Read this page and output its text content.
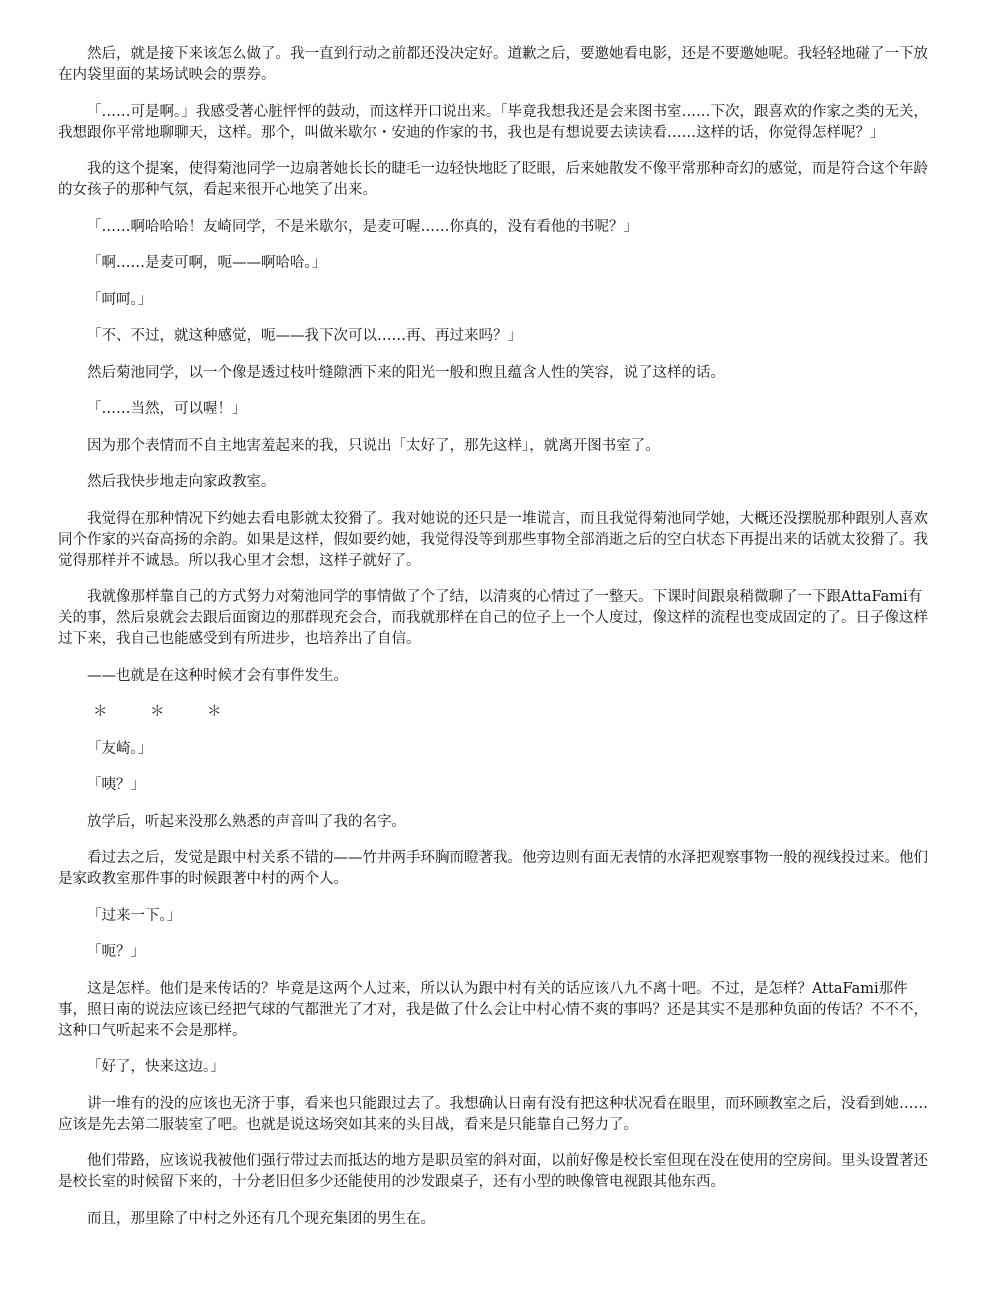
然后，就是接下来该怎么做了。我一直到行动之前都还没决定好。道歉之后，要邀她看电影，还是不要邀她呢。我轻轻地碰了一下放在内袋里面的某场试映会的票券。

「……可是啊。」我感受著心脏怦怦的鼓动，而这样开口说出来。「毕竟我想我还是会来图书室……下次，跟喜欢的作家之类的无关，我想跟你平常地聊聊天，这样。那个，叫做米歇尔・安迪的作家的书，我也是有想说要去读读看……这样的话，你觉得怎样呢？」

我的这个提案，使得菊池同学一边扇著她长长的睫毛一边轻快地眨了眨眼，后来她散发不像平常那种奇幻的感觉，而是符合这个年龄的女孩子的那种气氛，看起来很开心地笑了出来。

「……啊哈哈哈！友崎同学，不是米歇尔，是麦可喔……你真的，没有看他的书呢？」

「啊……是麦可啊，呃——啊哈哈。」

「呵呵。」

「不、不过，就这种感觉，呃——我下次可以……再、再过来吗？」

然后菊池同学，以一个像是透过枝叶缝隙洒下来的阳光一般和煦且蕴含人性的笑容，说了这样的话。

「……当然，可以喔！」

因为那个表情而不自主地害羞起来的我，只说出「太好了，那先这样」，就离开图书室了。

然后我快步地走向家政教室。

我觉得在那种情况下约她去看电影就太狡猾了。我对她说的还只是一堆谎言，而且我觉得菊池同学她，大概还没摆脱那种跟别人喜欢同个作家的兴奋高扬的余韵。如果是这样，假如要约她，我觉得没等到那些事物全部消逝之后的空白状态下再提出来的话就太狡猾了。我觉得那样并不诚恳。所以我心里才会想，这样子就好了。

我就像那样靠自己的方式努力对菊池同学的事情做了个了结，以清爽的心情过了一整天。下课时间跟泉稍微聊了一下跟AttaFami有关的事，然后泉就会去跟后面窗边的那群现充会合，而我就那样在自己的位子上一个人度过，像这样的流程也变成固定的了。日子像这样过下来，我自己也能感受到有所进步，也培养出了自信。

——也就是在这种时候才会有事件发生。

＊　＊　＊

「友崎。」

「咦？」

放学后，听起来没那么熟悉的声音叫了我的名字。

看过去之后，发觉是跟中村关系不错的——竹井两手环胸而瞪著我。他旁边则有面无表情的水泽把观察事物一般的视线投过来。他们是家政教室那件事的时候跟著中村的两个人。

「过来一下。」

「呃？」

这是怎样。他们是来传话的？毕竟是这两个人过来，所以认为跟中村有关的话应该八九不离十吧。不过，是怎样？AttaFami那件事，照日南的说法应该已经把气球的气都泄光了才对，我是做了什么会让中村心情不爽的事吗？还是其实不是那种负面的传话？不不不，这种口气听起来不会是那样。

「好了，快来这边。」

讲一堆有的没的应该也无济于事，看来也只能跟过去了。我想确认日南有没有把这种状况看在眼里，而环顾教室之后，没看到她……应该是先去第二服装室了吧。也就是说这场突如其来的头目战，看来是只能靠自己努力了。

他们带路，应该说我被他们强行带过去而抵达的地方是职员室的斜对面，以前好像是校长室但现在没在使用的空房间。里头设置著还是校长室的时候留下来的，十分老旧但多少还能使用的沙发跟桌子，还有小型的映像管电视跟其他东西。

而且，那里除了中村之外还有几个现充集团的男生在。
